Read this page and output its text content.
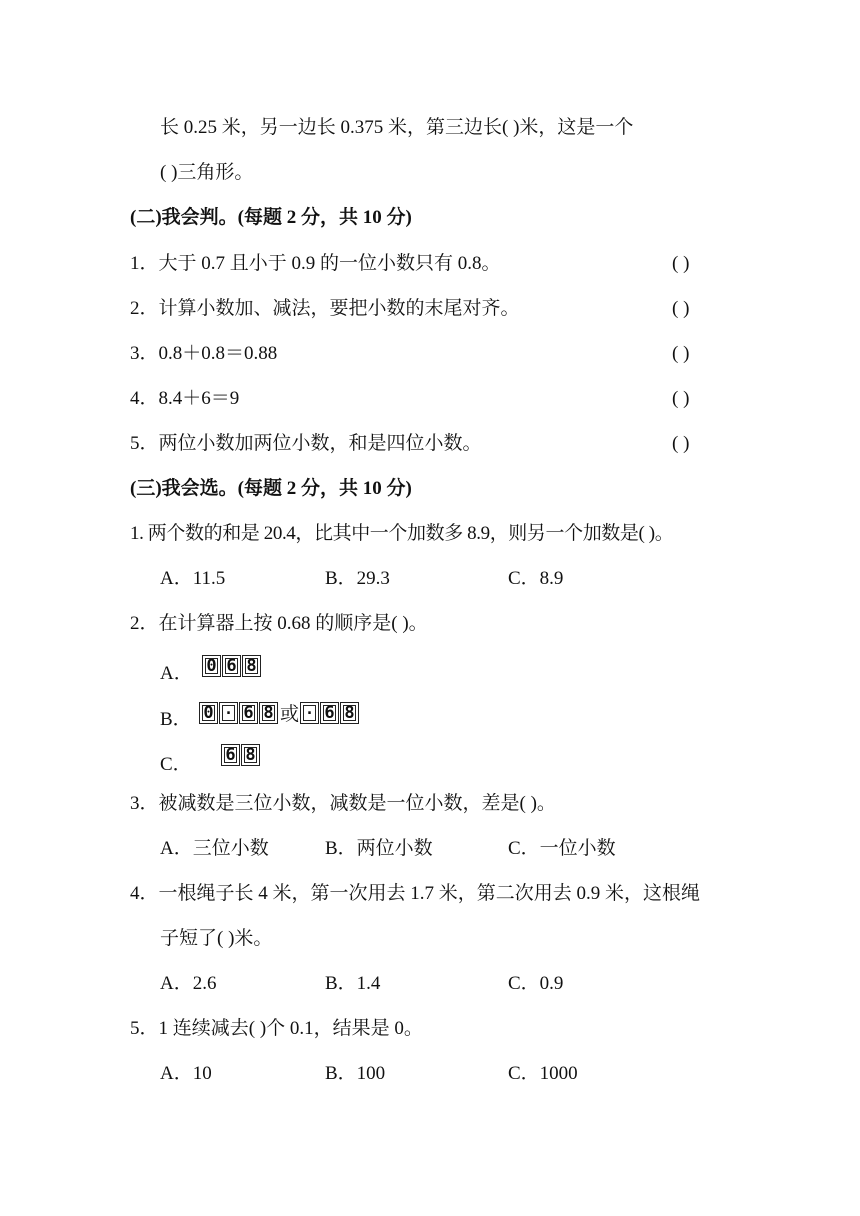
长 0.25 米，另一边长 0.375 米，第三边长( )米，这是一个
( )三角形。
(二)我会判。(每题 2 分，共 10 分)
1．大于 0.7 且小于 0.9 的一位小数只有 0.8。	( )
2．计算小数加、减法，要把小数的末尾对齐。	( )
3．0.8＋0.8＝0.88	( )
4．8.4＋6＝9	( )
5．两位小数加两位小数，和是四位小数。	( )
(三)我会选。(每题 2 分，共 10 分)
1. 两个数的和是 20.4，比其中一个加数多 8.9，则另一个加数是( )。
A．11.5	B．29.3	C．8.9
2．在计算器上按 0.68 的顺序是( )。
A． 0 6 8
B． 0 · 6 8 或 · 6 8
C． 6 8
3．被减数是三位小数，减数是一位小数，差是( )。
A．三位小数	B．两位小数	C．一位小数
4．一根绳子长 4 米，第一次用去 1.7 米，第二次用去 0.9 米，这根绳
子短了( )米。
A．2.6	B．1.4	C．0.9
5．1 连续减去( )个 0.1，结果是 0。
A．10	B．100	C．1000
